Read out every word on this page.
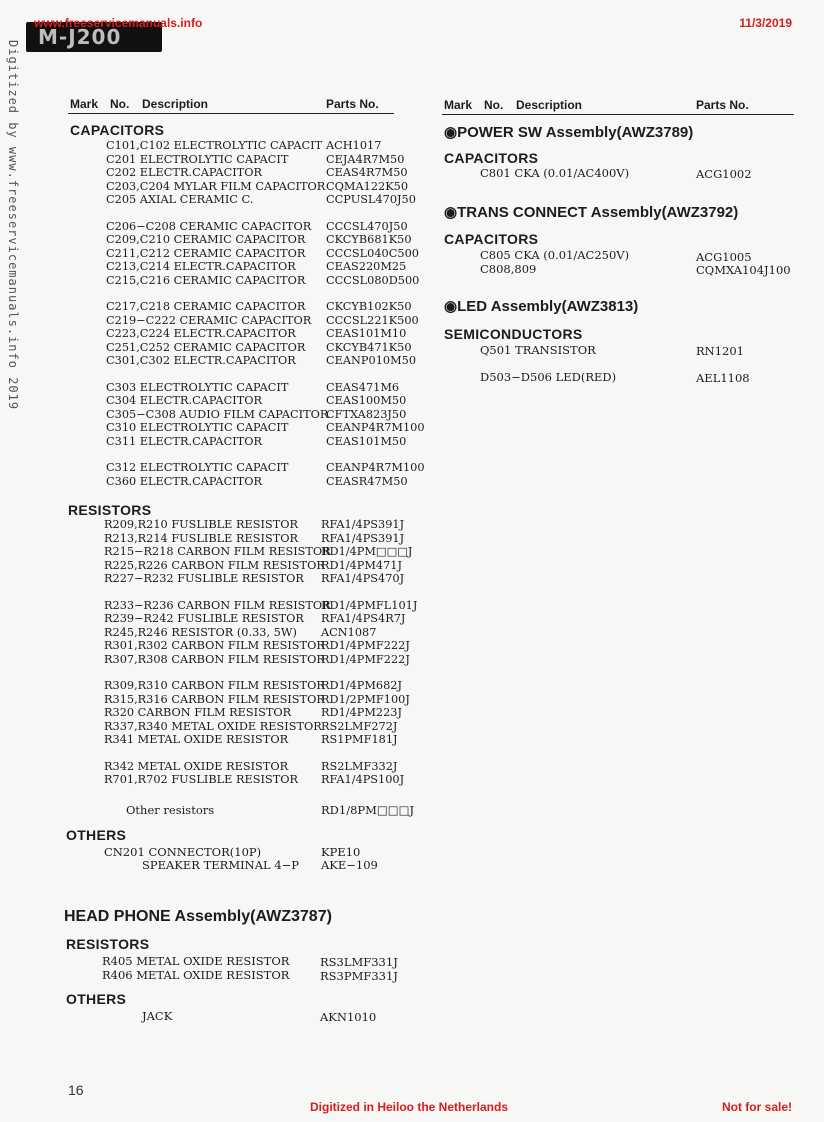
M-J200
www.freeservicemanuals.info	11/3/2019
Digitized by www.freeservicemanuals.info 2019	Mark No. Description	Parts No.	Mark No. Description	Parts No.
CAPACITORS
C101,C102 ELECTROLYTIC CAPACIT ACH1017
C201 ELECTROLYTIC CAPACIT	CEJA4R7M50
C202 ELECTR.CAPACITOR	CEAS4R7M50
C203,C204 MYLAR FILM CAPACITOR CQMA122K50
C205 AXIAL CERAMIC C.	CCPUSL470J50
C206−C208 CERAMIC CAPACITOR CCCSL470J50
C209,C210 CERAMIC CAPACITOR CKCYB681K50
C211,C212 CERAMIC CAPACITOR CCCSL040C500
C213,C214 ELECTR.CAPACITOR	CEAS220M25
C215,C216 CERAMIC CAPACITOR CCCSL080D500
C217,C218 CERAMIC CAPACITOR CKCYB102K50
C219−C222 CERAMIC CAPACITOR CCCSL221K500
C223,C224 ELECTR.CAPACITOR	CEAS101M10
C251,C252 CERAMIC CAPACITOR CKCYB471K50
C301,C302 ELECTR.CAPACITOR	CEANP010M50
C303 ELECTROLYTIC CAPACIT	CEAS471M6
C304 ELECTR.CAPACITOR	CEAS100M50
C305−C308 AUDIO FILM CAPACITOR
CFTXA823J50
C310 ELECTROLYTIC CAPACIT	CEANP4R7M100
C311 ELECTR.CAPACITOR	CEAS101M50
C312 ELECTROLYTIC CAPACIT	CEANP4R7M100
C360 ELECTR.CAPACITOR	CEASR47M50
RESISTORS
R209,R210 FUSLIBLE RESISTOR RFA1/4PS391J
R213,R214 FUSLIBLE RESISTOR RFA1/4PS391J
R215−R218 CARBON FILM RESISTOR
RD1/4PM□□□J
R225,R226 CARBON FILM RESISTOR
RD1/4PM471J
R227−R232 FUSLIBLE RESISTOR RFA1/4PS470J
R233−R236 CARBON FILM RESISTOR
RD1/4PMFL101J
R239−R242 FUSLIBLE RESISTOR RFA1/4PS4R7J
R245,R246 RESISTOR (0.33, 5W) ACN1087
R301,R302 CARBON FILM RESISTOR
RD1/4PMF222J
R307,R308 CARBON FILM RESISTOR
RD1/4PMF222J
R309,R310 CARBON FILM RESISTOR
RD1/4PM682J
R315,R316 CARBON FILM RESISTOR
RD1/2PMF100J
R320 CARBON FILM RESISTOR	RD1/4PM223J
R337,R340 METAL OXIDE RESISTOR RS2LMF272J
R341 METAL OXIDE RESISTOR	RS1PMF181J
R342 METAL OXIDE RESISTOR	RS2LMF332J
R701,R702 FUSLIBLE RESISTOR RFA1/4PS100J
Other resistors	RD1/8PM□□□J
OTHERS
CN201 CONNECTOR(10P)	KPE10
SPEAKER TERMINAL 4−P AKE−109
HEAD PHONE Assembly(AWZ3787)
RESISTORS
R405 METAL OXIDE RESISTOR	RS3LMF331J
R406 METAL OXIDE RESISTOR	RS3PMF331J
OTHERS
JACK	AKN1010
◉POWER SW Assembly(AWZ3789)
CAPACITORS
C801 CKA (0.01/AC400V)	ACG1002
◉TRANS CONNECT Assembly(AWZ3792)
CAPACITORS
C805 CKA (0.01/AC250V)	ACG1005
C808,809	CQMXA104J100
◉LED Assembly(AWZ3813)
SEMICONDUCTORS
Q501 TRANSISTOR	RN1201
D503−D506 LED(RED)	AEL1108
16
Digitized in Heiloo the Netherlands	Not for sale!
